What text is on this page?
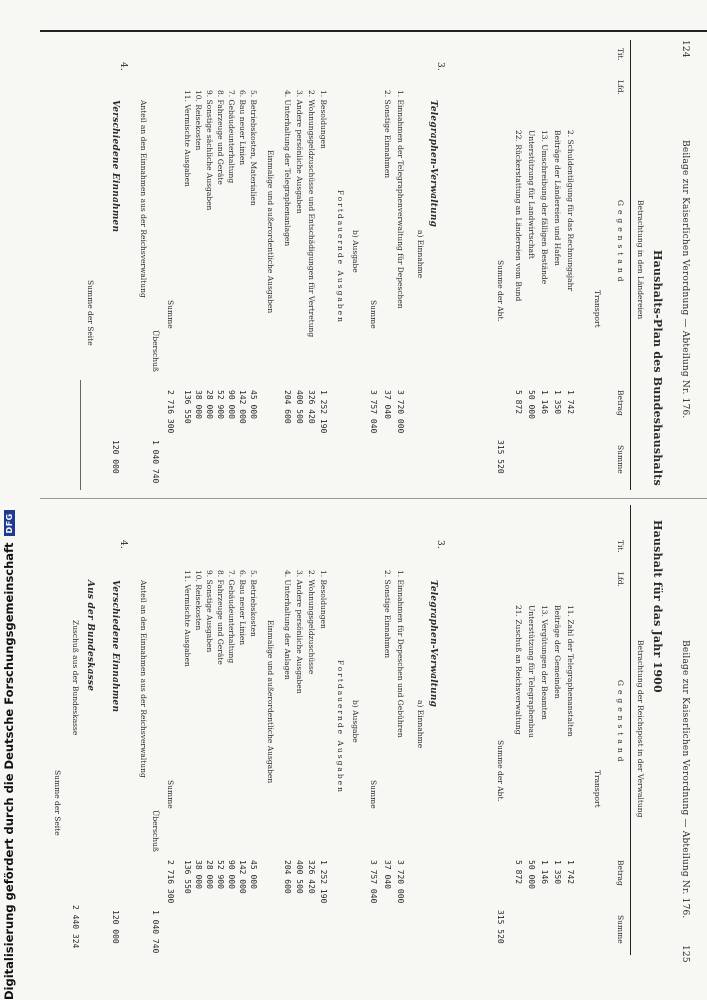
124
Beilage zur Kaiserlichen Verordnung — Abteilung Nr. 176.
Haushalts-Plan des Bundeshaushalts
Betrachtung in den Ländereien
Tit.
Lfd.
Gegenstand
Transport
Betrag
Summe
2. Schuldentilgung für das Rechnungsjahr
1 742
Beiträge der Ländereien und Hafen
1 350
13. Umschreibung der fälligen Bestände
1 146
Unterstützung für Landwirtschaft
50 000
22. Rückerstattung an Ländereien vom Bund
5 872
Summe der Abt.
315 520
3.
Telegraphen-Verwaltung
a) Einnahme
1. Einnahmen der Telegraphenverwaltung für Depeschen
3 720 000
2. Sonstige Einnahmen
37 040
Summe
3 757 040
b) Ausgabe
Fortdauernde Ausgaben
1. Besoldungen
1 252 190
2. Wohnungsgeldzuschüsse und Entschädigungen für Vertretung
326 420
3. Andere persönliche Ausgaben
400 500
4. Unterhaltung der Telegraphenanlagen
204 600
Einmalige und außerordentliche Ausgaben
5. Betriebskosten, Materialien
45 000
6. Bau neuer Linien
142 000
7. Gebäudeunterhaltung
90 000
8. Fahrzeuge und Geräte
52 900
9. Sonstige sächliche Ausgaben
28 000
10. Reisekosten
38 000
11. Vermischte Ausgaben
136 550
Summe
2 716 300
Überschuß
1 040 740
4.
Verschiedene Einnahmen	Anteil an den Einnahmen aus der Reichsverwaltung
120 000
Summe der Seite
125
Beilage zur Kaiserlichen Verordnung — Abteilung Nr. 176.
Haushalt für das Jahr 1900
Betrachtung der Reichspost in der Verwaltung
Tit.
Lfd.
Gegenstand
Transport
Betrag
Summe
11. Zahl der Telegraphenanstalten
1 742
Beiträge der Gemeinden
1 350
13. Vergütungen der Beamten
1 146
Unterstützung für Telegraphenbau
50 000
21. Zuschuß an Reichsverwaltung
5 872
Summe der Abt.
315 520
3.
Telegraphen-Verwaltung
a) Einnahme
1. Einnahmen für Depeschen und Gebühren
3 720 000
2. Sonstige Einnahmen
37 040
Summe
3 757 040
b) Ausgabe
Fortdauernde Ausgaben
1. Besoldungen
1 252 190
2. Wohnungsgeldzuschüsse
326 420
3. Andere persönliche Ausgaben
400 500
4. Unterhaltung der Anlagen
204 600
Einmalige und außerordentliche Ausgaben
5. Betriebskosten
45 000
6. Bau neuer Linien
142 000
7. Gebäudeunterhaltung
90 000
8. Fahrzeuge und Geräte
52 900
9. Sonstige Ausgaben
28 000
10. Reisekosten
38 000
11. Vermischte Ausgaben
136 550
Summe
2 716 300
Überschuß
1 040 740
4.
Verschiedene Einnahmen	Anteil an den Einnahmen aus der Reichsverwaltung
120 000
Aus der Bundeskasse
Zuschuß aus der Bundeskasse
2 440 324
Summe der Seite
Digitalisierung gefördert durch die Deutsche Forschungsgemeinschaft
DFG
